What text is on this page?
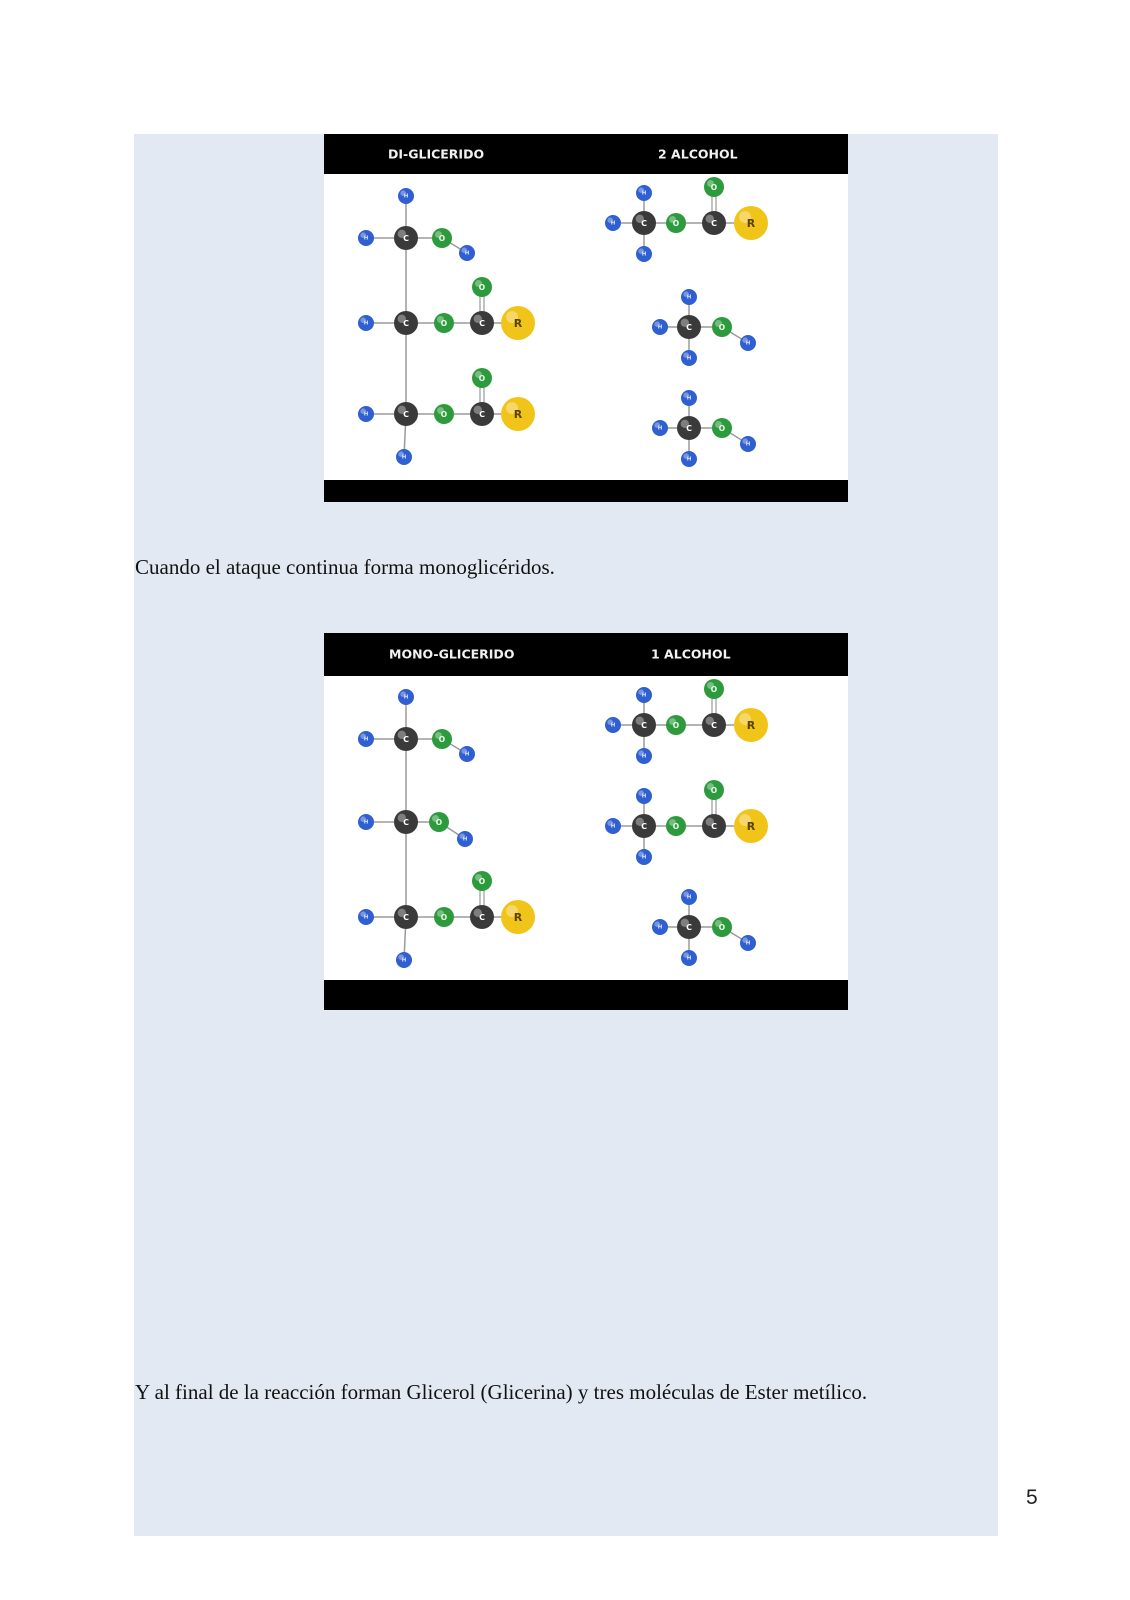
DI-GLICERIDO	2 ALCOHOL
C
H
H	O
H
C
H	O	C
O
R
C
H	O	C
O
R
H
C
H
H
H
O	C
O
R
C
H
H
H
O
H
C
H
H
H
O
H

Cuando el ataque continua forma monoglicéridos.

MONO-GLICERIDO	1 ALCOHOL
C
H
H	O
H
C
H	O
H
C
H	O	C
O
R
H
C
H
H
H
O	C
O
R
C
H
H
H
O	C
O
R
C
H
H
H
O
H

Y al final de la reacción forman Glicerol (Glicerina) y tres moléculas de Ester metílico.

5
